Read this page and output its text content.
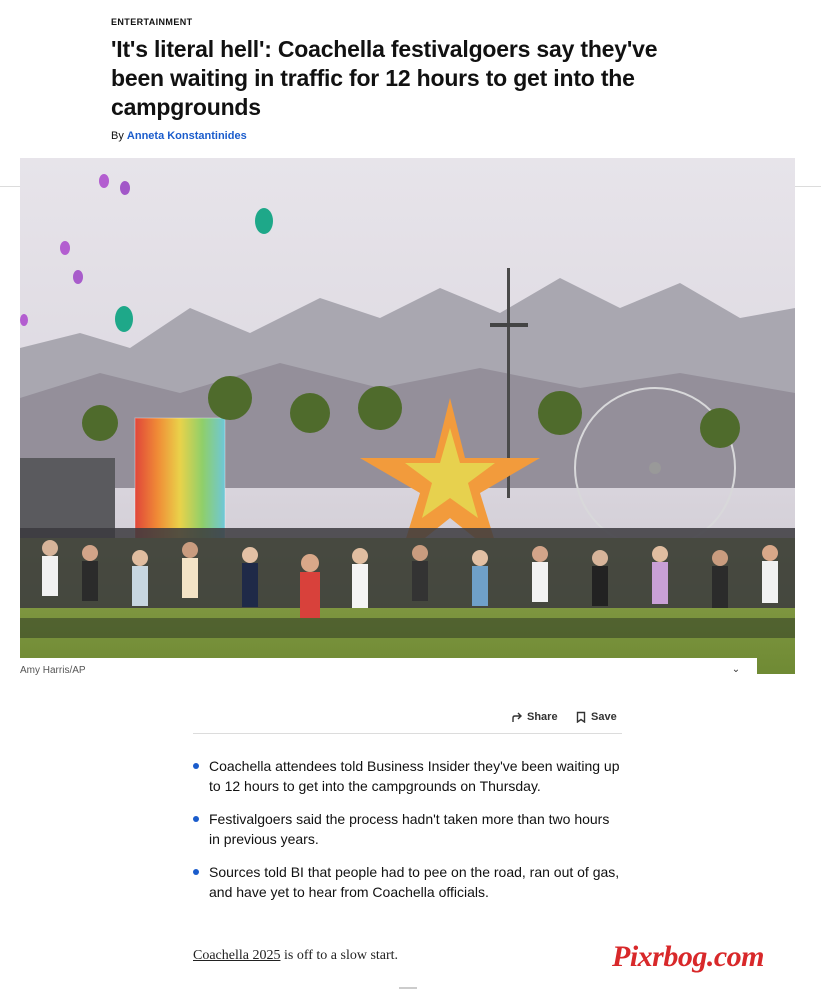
ENTERTAINMENT
'It's literal hell': Coachella festivalgoers say they've been waiting in traffic for 12 hours to get into the campgrounds
By Anneta Konstantinides
Amy Harris/AP	⌄
Share	Save
Coachella attendees told Business Insider they've been waiting up to 12 hours to get into the campgrounds on Thursday.
Festivalgoers said the process hadn't taken more than two hours in previous years.
Sources told BI that people had to pee on the road, ran out of gas, and have yet to hear from Coachella officials.

Coachella 2025 is off to a slow start.	Pixrbog.com
